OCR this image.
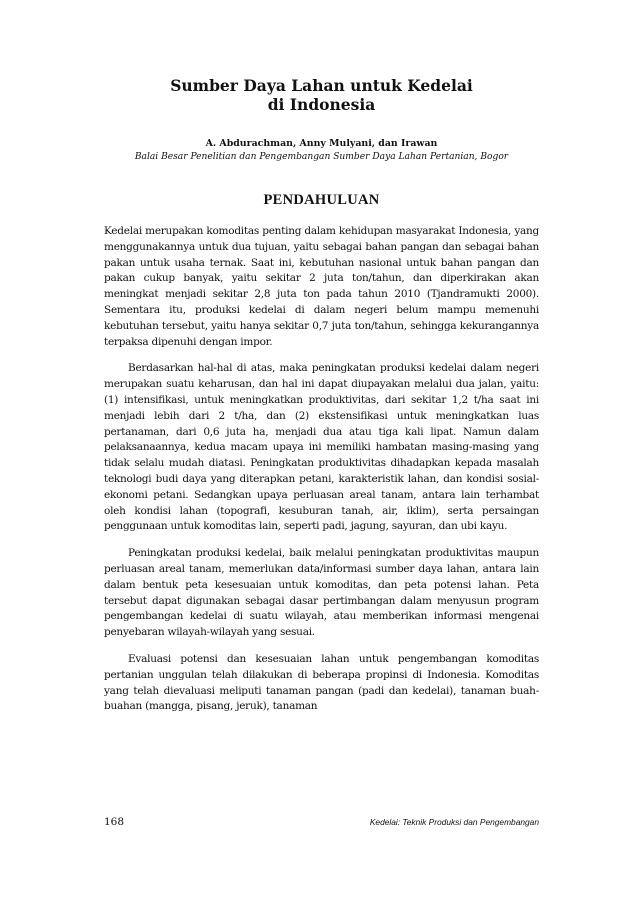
Sumber Daya Lahan untuk Kedelai
di Indonesia

A. Abdurachman, Anny Mulyani, dan Irawan

Balai Besar Penelitian dan Pengembangan Sumber Daya Lahan Pertanian, Bogor

PENDAHULUAN

Kedelai merupakan komoditas penting dalam kehidupan masyarakat Indonesia, yang menggunakannya untuk dua tujuan, yaitu sebagai bahan pangan dan sebagai bahan pakan untuk usaha ternak. Saat ini, kebutuhan nasional untuk bahan pangan dan pakan cukup banyak, yaitu sekitar 2 juta ton/tahun, dan diperkirakan akan meningkat menjadi sekitar 2,8 juta ton pada tahun 2010 (Tjandramukti 2000). Sementara itu, produksi kedelai di dalam negeri belum mampu memenuhi kebutuhan tersebut, yaitu hanya sekitar 0,7 juta ton/tahun, sehingga kekurangannya terpaksa dipenuhi dengan impor.

Berdasarkan hal-hal di atas, maka peningkatan produksi kedelai dalam negeri merupakan suatu keharusan, dan hal ini dapat diupayakan melalui dua jalan, yaitu: (1) intensifikasi, untuk meningkatkan produktivitas, dari sekitar 1,2 t/ha saat ini menjadi lebih dari 2 t/ha, dan (2) ekstensifikasi untuk meningkatkan luas pertanaman, dari 0,6 juta ha, menjadi dua atau tiga kali lipat. Namun dalam pelaksanaannya, kedua macam upaya ini memiliki hambatan masing-masing yang tidak selalu mudah diatasi. Peningkatan produktivitas dihadapkan kepada masalah teknologi budi daya yang diterapkan petani, karakteristik lahan, dan kondisi sosial-ekonomi petani. Sedangkan upaya perluasan areal tanam, antara lain terhambat oleh kondisi lahan (topografi, kesuburan tanah, air, iklim), serta persaingan penggunaan untuk komoditas lain, seperti padi, jagung, sayuran, dan ubi kayu.

Peningkatan produksi kedelai, baik melalui peningkatan produktivitas maupun perluasan areal tanam, memerlukan data/informasi sumber daya lahan, antara lain dalam bentuk peta kesesuaian untuk komoditas, dan peta potensi lahan. Peta tersebut dapat digunakan sebagai dasar pertimbangan dalam menyusun program pengembangan kedelai di suatu wilayah, atau memberikan informasi mengenai penyebaran wilayah-wilayah yang sesuai.

Evaluasi potensi dan kesesuaian lahan untuk pengembangan komoditas pertanian unggulan telah dilakukan di beberapa propinsi di Indonesia. Komoditas yang telah dievaluasi meliputi tanaman pangan (padi dan kedelai), tanaman buah-buahan (mangga, pisang, jeruk), tanaman

168	Kedelai: Teknik Produksi dan Pengembangan
